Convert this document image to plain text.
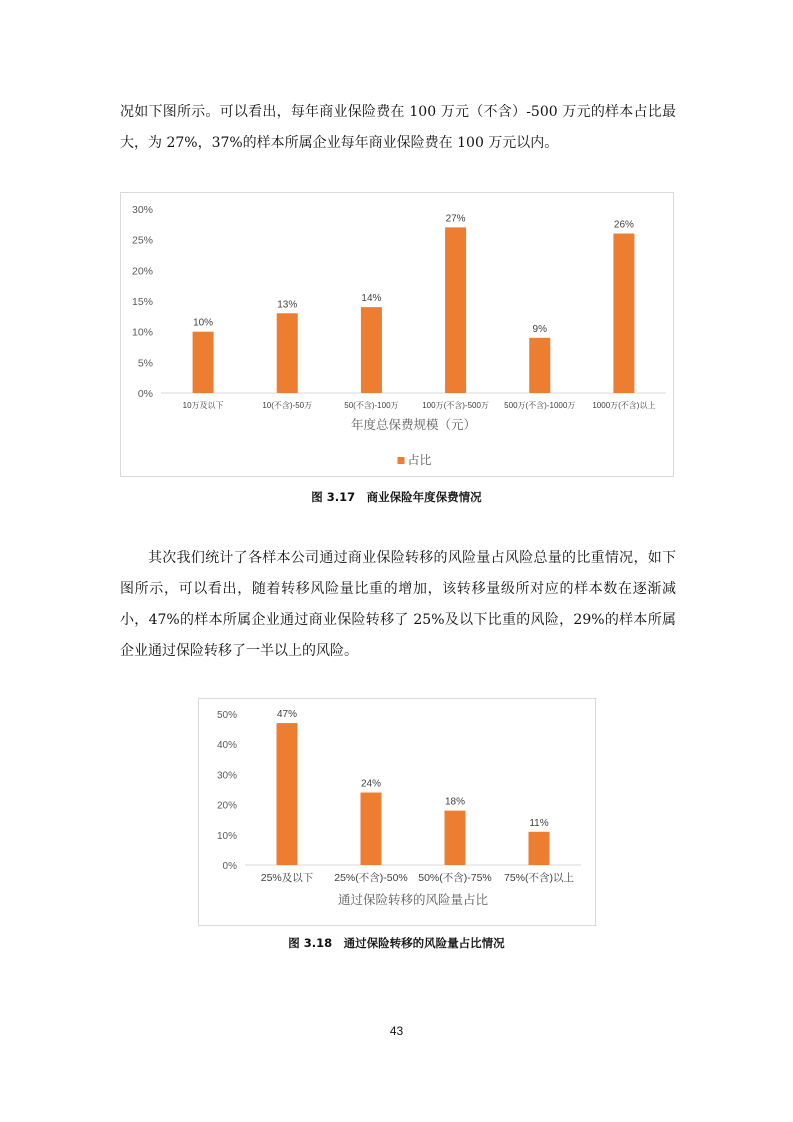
况如下图所示。可以看出，每年商业保险费在 100 万元（不含）-500 万元的样本占比最大，为 27%，37%的样本所属企业每年商业保险费在 100 万元以内。

0%
5%
10%
15%
20%
25%
30%
10%
10万及以下
13%
10(不含)-50万
14%
50(不含)-100万
27%
100万(不含)-500万
9%
500万(不含)-1000万
26%
1000万(不含)以上
年度总保费规模（元）
占比
图 3.17　商业保险年度保费情况

其次我们统计了各样本公司通过商业保险转移的风险量占风险总量的比重情况，如下图所示，可以看出，随着转移风险量比重的增加，该转移量级所对应的样本数在逐渐减小，47%的样本所属企业通过商业保险转移了 25%及以下比重的风险，29%的样本所属企业通过保险转移了一半以上的风险。

0%
10%
20%
30%
40%
50%	47%
25%及以下
24%
25%(不含)-50%
18%
50%(不含)-75%
11%
75%(不含)以上
通过保险转移的风险量占比
图 3.18　通过保险转移的风险量占比情况
43
